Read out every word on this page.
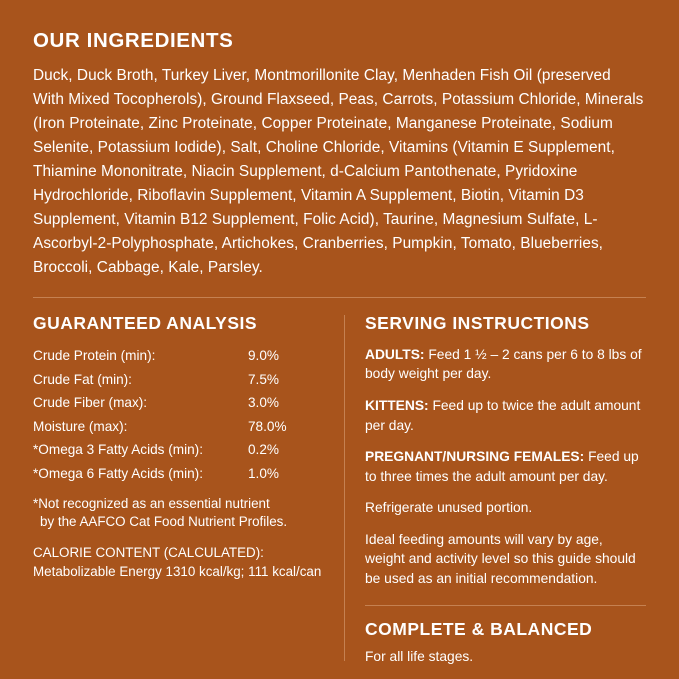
OUR INGREDIENTS

Duck, Duck Broth, Turkey Liver, Montmorillonite Clay, Menhaden Fish Oil (preserved With Mixed Tocopherols), Ground Flaxseed, Peas, Carrots, Potassium Chloride, Minerals (Iron Proteinate, Zinc Proteinate, Copper Proteinate, Manganese Proteinate, Sodium Selenite, Potassium Iodide), Salt, Choline Chloride, Vitamins (Vitamin E Supplement, Thiamine Mononitrate, Niacin Supplement, d-Calcium Pantothenate, Pyridoxine Hydrochloride, Riboflavin Supplement, Vitamin A Supplement, Biotin, Vitamin D3 Supplement, Vitamin B12 Supplement, Folic Acid), Taurine, Magnesium Sulfate, L-Ascorbyl-2-Polyphosphate, Artichokes, Cranberries, Pumpkin, Tomato, Blueberries, Broccoli, Cabbage, Kale, Parsley.

GUARANTEED ANALYSIS
Crude Protein (min):	9.0%
Crude Fat (min):	7.5%
Crude Fiber (max):	3.0%
Moisture (max):	78.0%
*Omega 3 Fatty Acids (min):	0.2%
*Omega 6 Fatty Acids (min):	1.0%

*Not recognized as an essential nutrient
by the AAFCO Cat Food Nutrient Profiles.

CALORIE CONTENT (CALCULATED):
Metabolizable Energy 1310 kcal/kg; 111 kcal/can

SERVING INSTRUCTIONS

ADULTS: Feed 1 ½ – 2 cans per 6 to 8 lbs of body weight per day.

KITTENS: Feed up to twice the adult amount per day.

PREGNANT/NURSING FEMALES: Feed up to three times the adult amount per day.

Refrigerate unused portion.

Ideal feeding amounts will vary by age, weight and activity level so this guide should be used as an initial recommendation.

COMPLETE & BALANCED

For all life stages.
